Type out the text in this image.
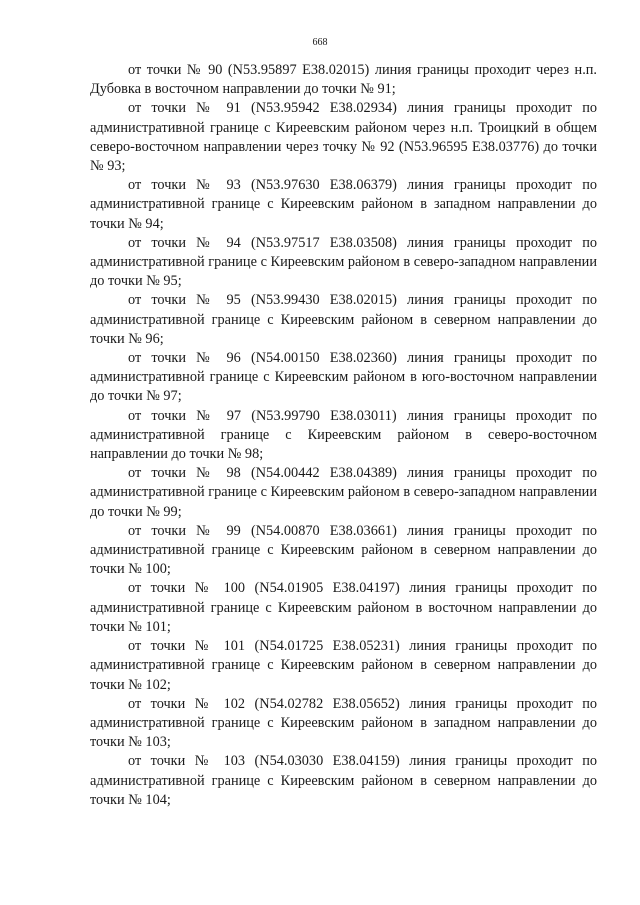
668

от точки № 90 (N53.95897 E38.02015) линия границы проходит через н.п. Дубовка в восточном направлении до точки № 91;

от точки № 91 (N53.95942 E38.02934) линия границы проходит по административной границе с Киреевским районом через н.п. Троицкий в общем северо-восточном направлении через точку № 92 (N53.96595 E38.03776) до точки № 93;

от точки № 93 (N53.97630 E38.06379) линия границы проходит по административной границе с Киреевским районом в западном направлении до точки № 94;

от точки № 94 (N53.97517 E38.03508) линия границы проходит по административной границе с Киреевским районом в северо-западном направлении до точки № 95;

от точки № 95 (N53.99430 E38.02015) линия границы проходит по административной границе с Киреевским районом в северном направлении до точки № 96;

от точки № 96 (N54.00150 E38.02360) линия границы проходит по административной границе с Киреевским районом в юго-восточном направлении до точки № 97;

от точки № 97 (N53.99790 E38.03011) линия границы проходит по административной границе с Киреевским районом в северо-восточном направлении до точки № 98;

от точки № 98 (N54.00442 E38.04389) линия границы проходит по административной границе с Киреевским районом в северо-западном направлении до точки № 99;

от точки № 99 (N54.00870 E38.03661) линия границы проходит по административной границе с Киреевским районом в северном направлении до точки № 100;

от точки № 100 (N54.01905 E38.04197) линия границы проходит по административной границе с Киреевским районом в восточном направлении до точки № 101;

от точки № 101 (N54.01725 E38.05231) линия границы проходит по административной границе с Киреевским районом в северном направлении до точки № 102;

от точки № 102 (N54.02782 E38.05652) линия границы проходит по административной границе с Киреевским районом в западном направлении до точки № 103;

от точки № 103 (N54.03030 E38.04159) линия границы проходит по административной границе с Киреевским районом в северном направлении до точки № 104;
